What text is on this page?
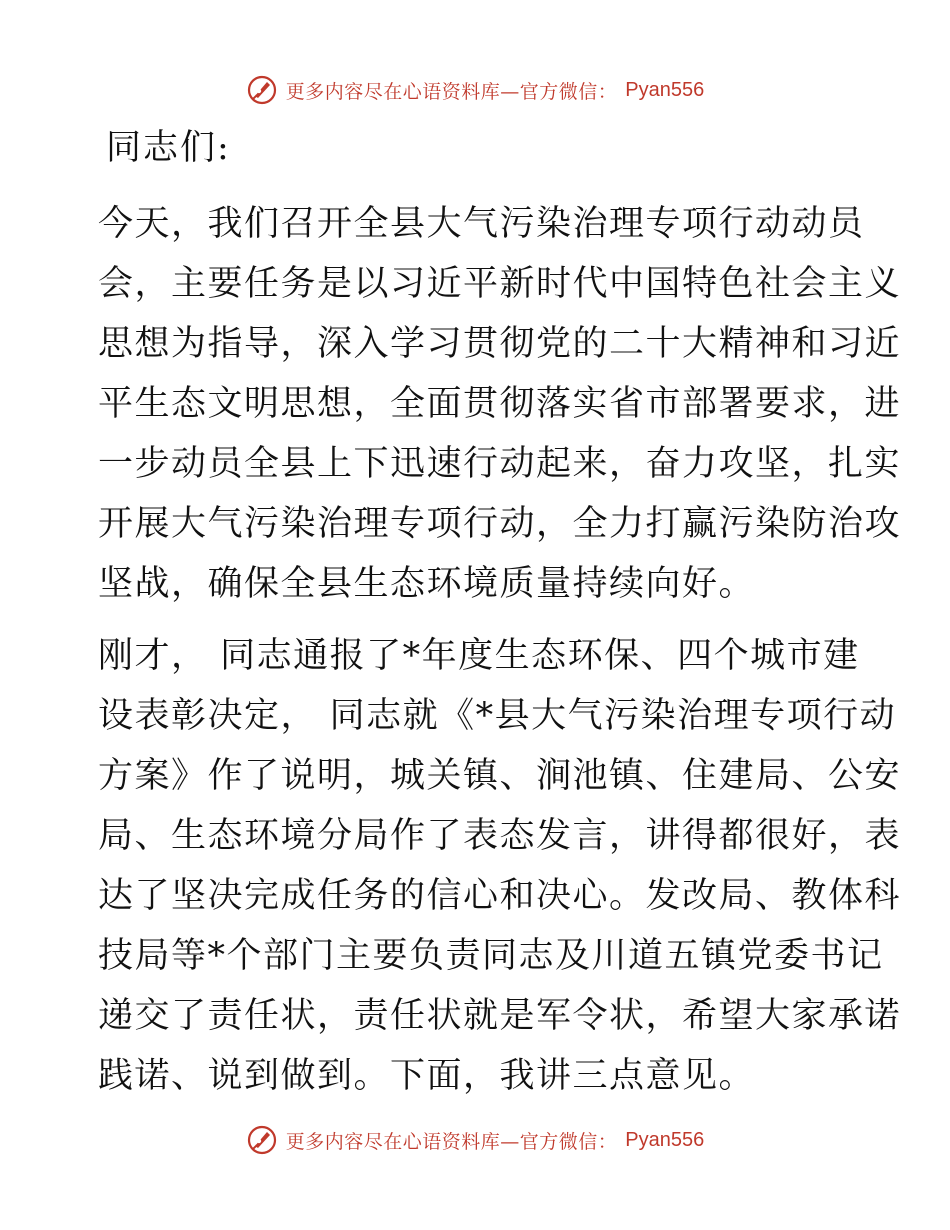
更多内容尽在心语资料库—官方微信： Pyan556
同志们:
今天，我们召开全县大气污染治理专项行动动员
会，主要任务是以习近平新时代中国特色社会主义
思想为指导，深入学习贯彻党的二十大精神和习近
平生态文明思想，全面贯彻落实省市部署要求，进
一步动员全县上下迅速行动起来，奋力攻坚，扎实
开展大气污染治理专项行动，全力打赢污染防治攻
坚战，确保全县生态环境质量持续向好。
刚才， 同志通报了*年度生态环保、四个城市建
设表彰决定， 同志就《*县大气污染治理专项行动
方案》作了说明，城关镇、涧池镇、住建局、公安
局、生态环境分局作了表态发言，讲得都很好，表
达了坚决完成任务的信心和决心。发改局、教体科
技局等*个部门主要负责同志及川道五镇党委书记
递交了责任状，责任状就是军令状，希望大家承诺
践诺、说到做到。下面，我讲三点意见。
更多内容尽在心语资料库—官方微信： Pyan556
